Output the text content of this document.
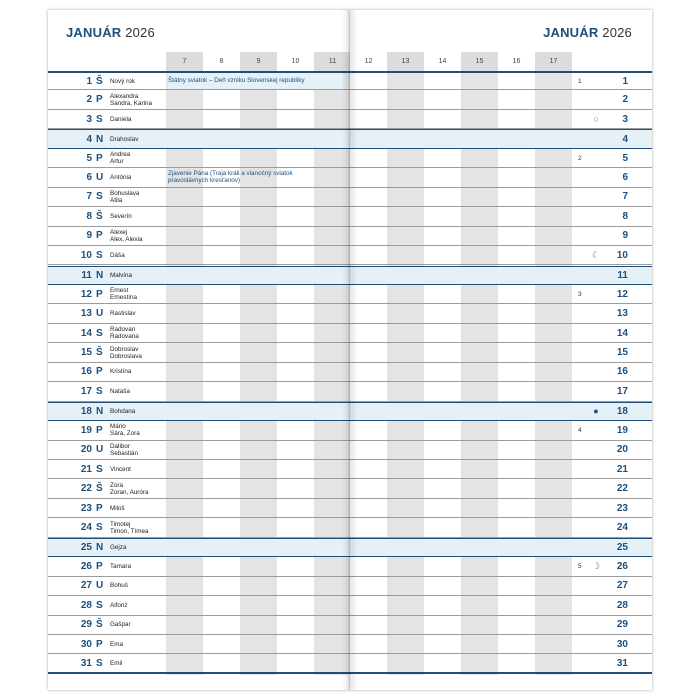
JANUÁR 2026
7	8	9	10	11
1 Š	Nový rok	Štátny sviatok – Deň vzniku Slovenskej republiky
2 P	Alexandra
Sandra, Karina
3 S	Daniela
4 N	Drahoslav
5 P	Andrea
Artur
6 U	Antónia
Zjavenie Pána (Traja králi a vianočný sviatok
pravoslávnych kresťanov)
7 S	Bohuslava
Atila
8 Š	Severín
9 P	Alexej
Alex, Alexia
10 S	Dáša
11 N	Malvína
12 P	Ernest
Ernestína
13 U	Rastislav
14 S	Radovan
Radovana
15 Š	Dobroslav
Dobroslava
16 P	Kristína
17 S	Nataša
18 N	Bohdana
19 P	Mário
Sára, Zora
20 U	Dalibor
Sebastián
21 S	Vincent
22 Š	Zora
Zoran, Auróra
23 P	Miloš
24 S	Timotej
Timon, Tímea
25 N	Gejza
26 P	Tamara
27 U	Bohuš
28 S	Alfonz
29 Š	Gašpar
30 P	Ema
31 S	Emil
JANUÁR 2026
12	13	14	15	16	17
1	1
2
○	3
4
2	5
6
7
8
9
☾	10
11
3	12
13
14
15
16
17
●	18
4	19
20
21
22
23
24
25
5	☽	26
27
28
29
30
31
